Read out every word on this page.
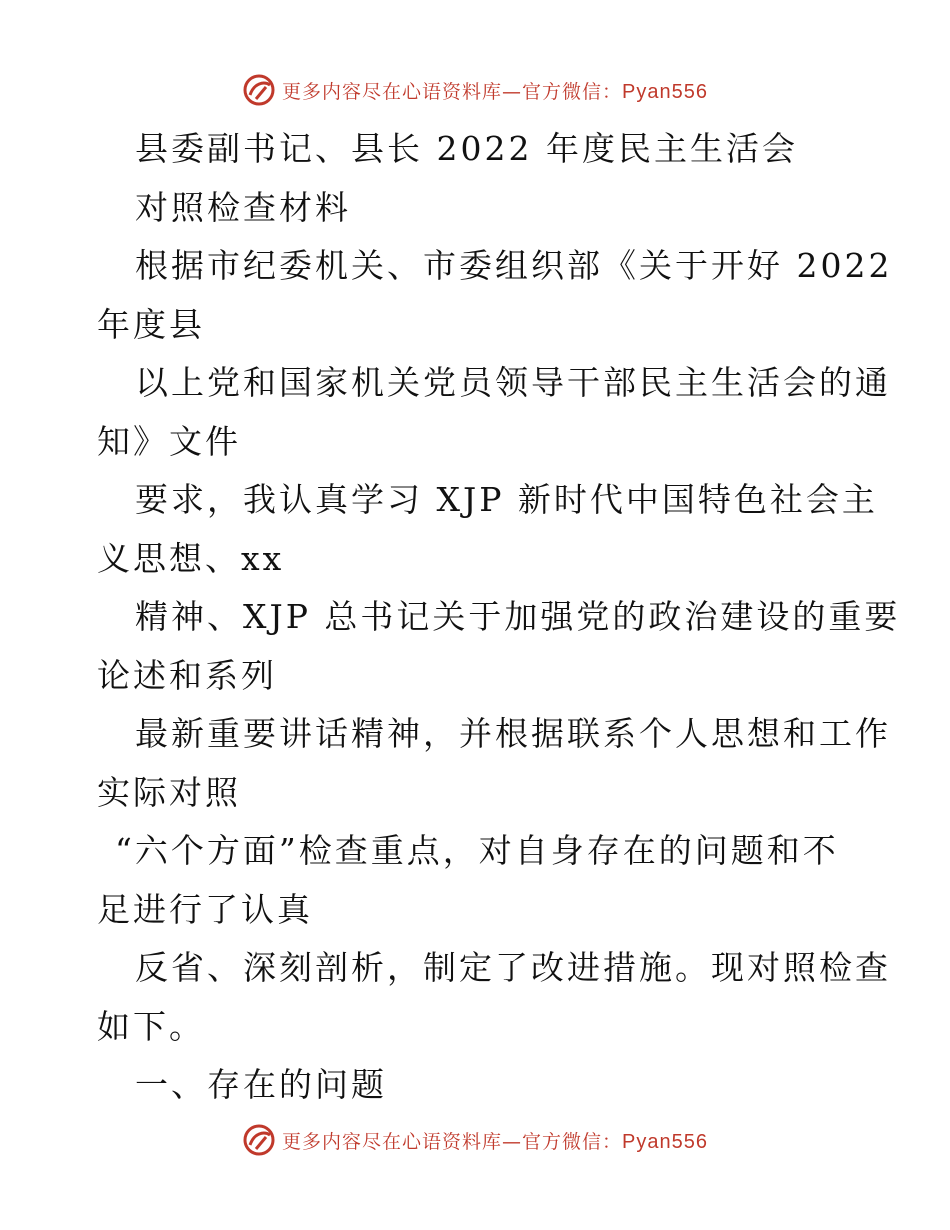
更多内容尽在心语资料库—官方微信：Pyan556
县委副书记、县长 2022 年度民主生活会
对照检查材料
根据市纪委机关、市委组织部《关于开好 2022
年度县
以上党和国家机关党员领导干部民主生活会的通
知》文件
要求，我认真学习 XJP 新时代中国特色社会主
义思想、xx
精神、XJP 总书记关于加强党的政治建设的重要
论述和系列
最新重要讲话精神，并根据联系个人思想和工作
实际对照
“六个方面”检查重点，对自身存在的问题和不
足进行了认真
反省、深刻剖析，制定了改进措施。现对照检查
如下。
一、存在的问题
更多内容尽在心语资料库—官方微信：Pyan556
